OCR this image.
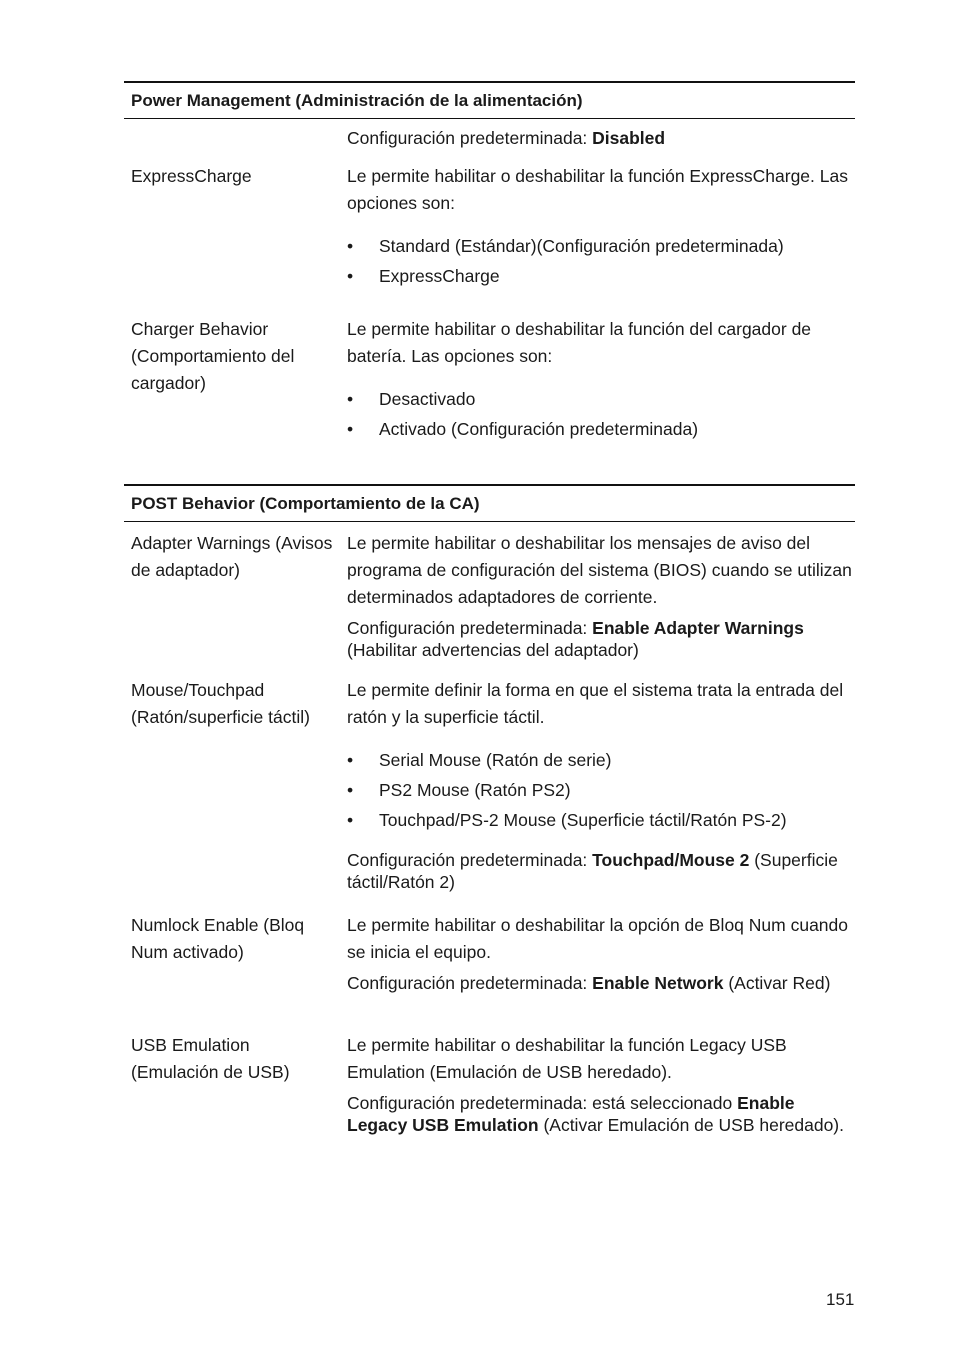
Power Management (Administración de la alimentación)

Configuración predeterminada: Disabled

ExpressCharge	Le permite habilitar o deshabilitar la función ExpressCharge. Las opciones son:

• Standard (Estándar)(Configuración predeterminada)
• ExpressCharge

Charger Behavior (Comportamiento del cargador)

Le permite habilitar o deshabilitar la función del cargador de batería. Las opciones son:

• Desactivado
• Activado (Configuración predeterminada)
POST Behavior (Comportamiento de la CA)

Adapter Warnings (Avisos de adaptador)

Le permite habilitar o deshabilitar los mensajes de aviso del programa de configuración del sistema (BIOS) cuando se utilizan determinados adaptadores de corriente.

Configuración predeterminada: Enable Adapter Warnings (Habilitar advertencias del adaptador)

Mouse/Touchpad (Ratón/superficie táctil)

Le permite definir la forma en que el sistema trata la entrada del ratón y la superficie táctil.

• Serial Mouse (Ratón de serie)
• PS2 Mouse (Ratón PS2)
• Touchpad/PS-2 Mouse (Superficie táctil/Ratón PS-2)

Configuración predeterminada: Touchpad/Mouse 2 (Superficie táctil/Ratón 2)

Numlock Enable (Bloq Num activado)

Le permite habilitar o deshabilitar la opción de Bloq Num cuando se inicia el equipo.

Configuración predeterminada: Enable Network (Activar Red)

USB Emulation (Emulación de USB)

Le permite habilitar o deshabilitar la función Legacy USB Emulation (Emulación de USB heredado).

Configuración predeterminada: está seleccionado Enable Legacy USB Emulation (Activar Emulación de USB heredado).

151
